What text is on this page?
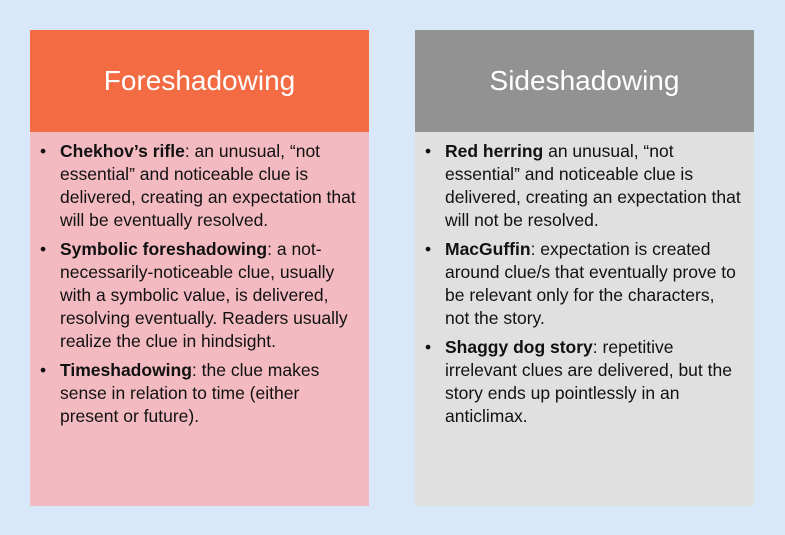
Foreshadowing
• Chekhov’s rifle: an unusual, “not essential” and noticeable clue is delivered, creating an expectation that will be eventually resolved.
• Symbolic foreshadowing: a not-necessarily-noticeable clue, usually with a symbolic value, is delivered, resolving eventually. Readers usually realize the clue in hindsight.
• Timeshadowing: the clue makes sense in relation to time (either present or future).
Sideshadowing
• Red herring an unusual, “not essential” and noticeable clue is delivered, creating an expectation that will not be resolved.
• MacGuffin: expectation is created around clue/s that eventually prove to be relevant only for the characters, not the story.
• Shaggy dog story: repetitive irrelevant clues are delivered, but the story ends up pointlessly in an anticlimax.
